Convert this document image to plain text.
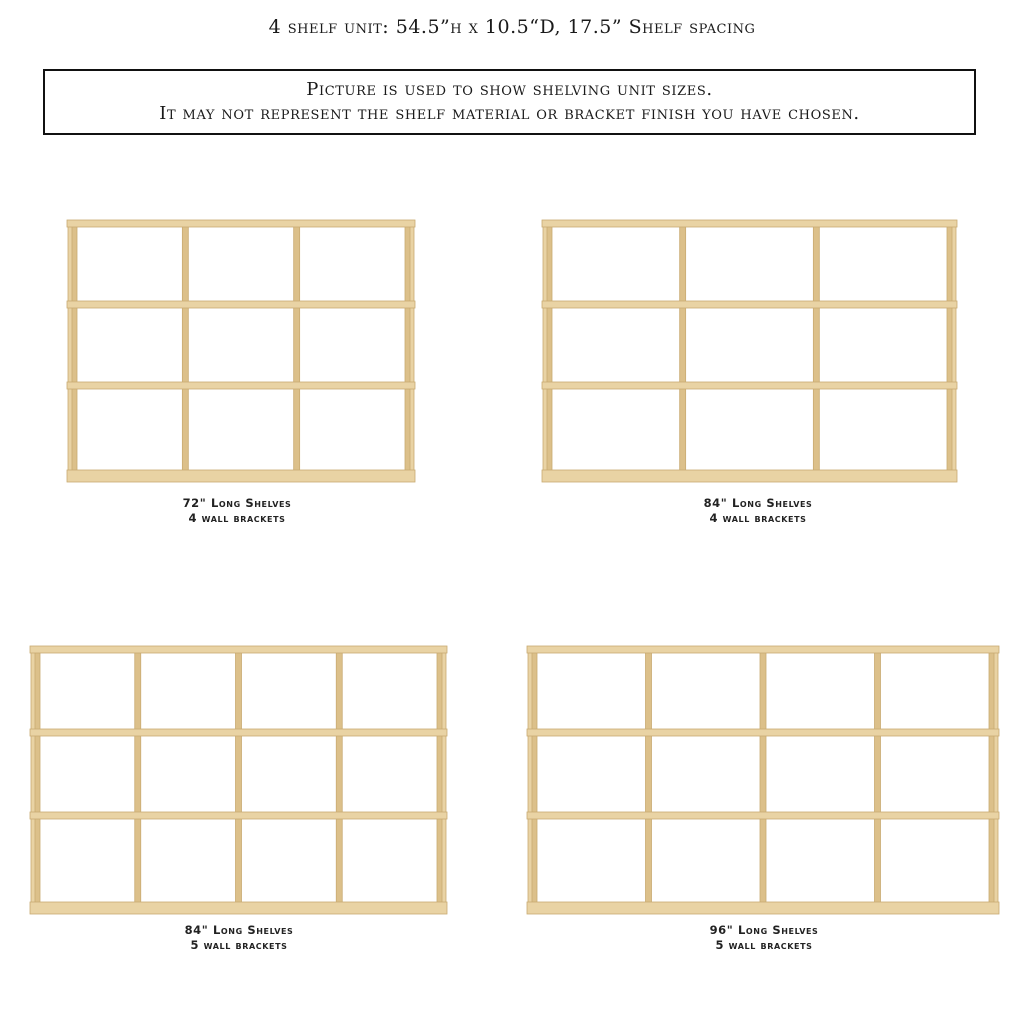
4 shelf unit: 54.5”h x 10.5“D, 17.5” Shelf spacing
Picture is used to show shelving unit sizes.
It may not represent the shelf material or bracket finish you have chosen.
72" Long Shelves
4 wall brackets
84" Long Shelves
4 wall brackets
84" Long Shelves
5 wall brackets
96" Long Shelves
5 wall brackets
